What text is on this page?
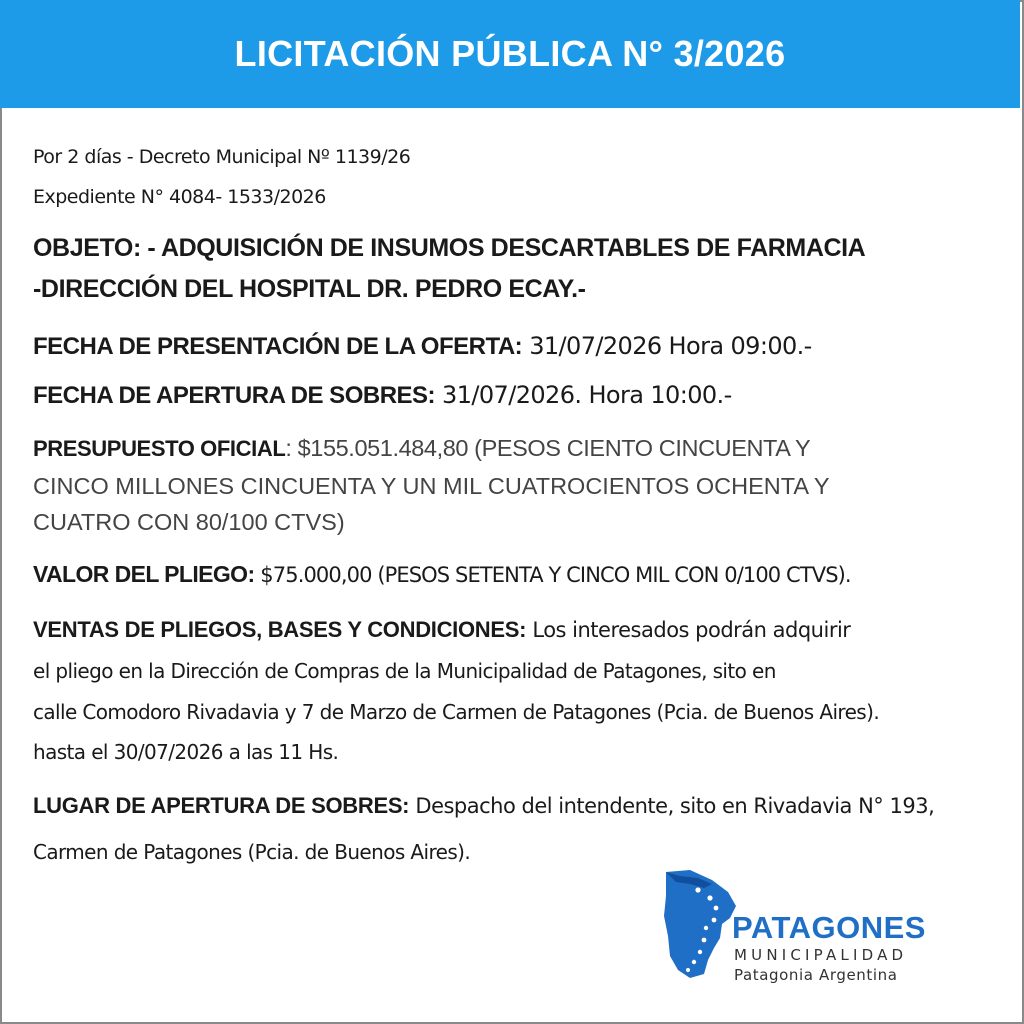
LICITACIÓN PÚBLICA N° 3/2026
Por 2 días - Decreto Municipal Nº 1139/26
Expediente N° 4084- 1533/2026
OBJETO: - ADQUISICIÓN DE INSUMOS DESCARTABLES DE FARMACIA
-DIRECCIÓN DEL HOSPITAL DR. PEDRO ECAY.-
FECHA DE PRESENTACIÓN DE LA OFERTA: 31/07/2026 Hora 09:00.-
FECHA DE APERTURA DE SOBRES: 31/07/2026. Hora 10:00.-
PRESUPUESTO OFICIAL: $155.051.484,80 (PESOS CIENTO CINCUENTA Y
CINCO MILLONES CINCUENTA Y UN MIL CUATROCIENTOS OCHENTA Y
CUATRO CON 80/100 CTVS)
VALOR DEL PLIEGO: $75.000,00 (PESOS SETENTA Y CINCO MIL CON 0/100 CTVS).
VENTAS DE PLIEGOS, BASES Y CONDICIONES: Los interesados podrán adquirir
el pliego en la Dirección de Compras de la Municipalidad de Patagones, sito en
calle Comodoro Rivadavia y 7 de Marzo de Carmen de Patagones (Pcia. de Buenos Aires).
hasta el 30/07/2026 a las 11 Hs.
LUGAR DE APERTURA DE SOBRES: Despacho del intendente, sito en Rivadavia N° 193,
Carmen de Patagones (Pcia. de Buenos Aires).
PATAGONES
MUNICIPALIDAD
Patagonia Argentina
